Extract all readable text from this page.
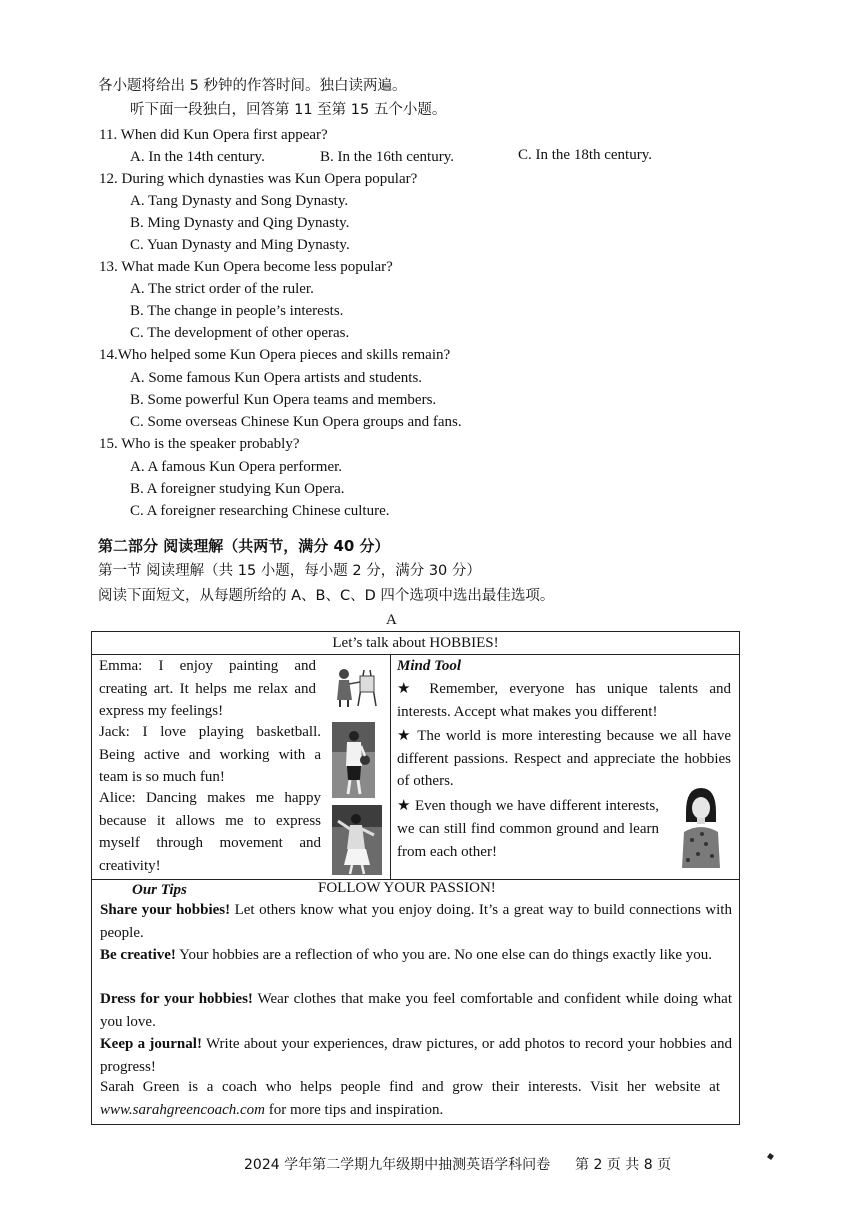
各小题将给出 5 秒钟的作答时间。独白读两遍。
听下面一段独白，回答第 11 至第 15 五个小题。
11. When did Kun Opera first appear?
A. In the 14th century.	B. In the 16th century.	C. In the 18th century.
12. During which dynasties was Kun Opera popular?
A. Tang Dynasty and Song Dynasty.
B. Ming Dynasty and Qing Dynasty.
C. Yuan Dynasty and Ming Dynasty.
13. What made Kun Opera become less popular?
A. The strict order of the ruler.
B. The change in people’s interests.
C. The development of other operas.
14.Who helped some Kun Opera pieces and skills remain?
A. Some famous Kun Opera artists and students.
B. Some powerful Kun Opera teams and members.
C. Some overseas Chinese Kun Opera groups and fans.
15. Who is the speaker probably?
A. A famous Kun Opera performer.
B. A foreigner studying Kun Opera.
C. A foreigner researching Chinese culture.
第二部分 阅读理解（共两节，满分 40 分）
第一节 阅读理解（共 15 小题，每小题 2 分，满分 30 分）
阅读下面短文，从每题所给的 A、B、C、D 四个选项中选出最佳选项。
A
Let’s talk about HOBBIES!
Emma: I enjoy painting and creating art. It helps me relax and express my feelings!
Jack: I love playing basketball. Being active and working with a team is so much fun!
Alice: Dancing makes me happy because it allows me to express myself through movement and creativity!
Mind Tool

★ Remember, everyone has unique talents and interests. Accept what makes you different!

★ The world is more interesting because we all have different passions. Respect and appreciate the hobbies of others.

★ Even though we have different interests, we can still find common ground and learn from each other!

Our Tips	FOLLOW YOUR PASSION!

Share your hobbies! Let others know what you enjoy doing. It’s a great way to build connections with people.

Be creative! Your hobbies are a reflection of who you are. No one else can do things exactly like you.

Dress for your hobbies! Wear clothes that make you feel comfortable and confident while doing what you love.

Keep a journal! Write about your experiences, draw pictures, or add photos to record your hobbies and progress!

Sarah Green is a coach who helps people find and grow their interests. Visit her website at www.sarahgreencoach.com for more tips and inspiration.

2024 学年第二学期九年级期中抽测英语学科问卷 第 2 页 共 8 页
